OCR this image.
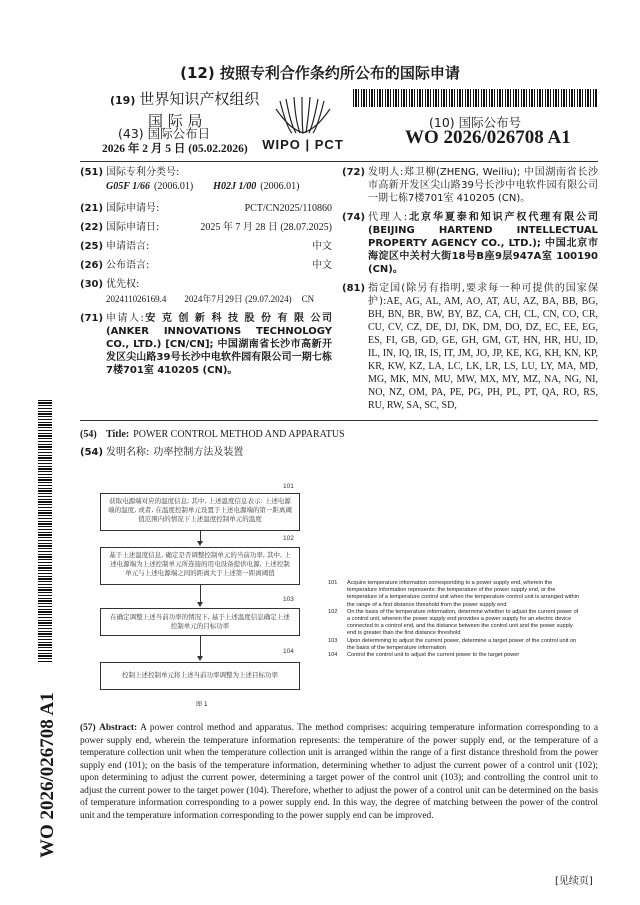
(12) 按照专利合作条约所公布的国际申请
(19) 世界知识产权组织
国 际 局
WIPO | PCT
(43) 国际公布日
2026 年 2 月 5 日 (05.02.2026)
(10) 国际公布号
WO 2026/026708 A1
(51) 国际专利分类号:
G05F 1/66 (2006.01) H02J 1/00 (2006.01)
(21) 国际申请号:	PCT/CN2025/110860
(22) 国际申请日:	2025 年 7 月 28 日 (28.07.2025)
(25) 申请语言:	中文
(26) 公布语言:	中文
(30) 优先权:
202411026169.4 2024年7月29日 (29.07.2024) CN
(71) 申请人:安 克 创 新 科 技 股 份 有 限 公司(ANKER INNOVATIONS TECHNOLOGY CO., LTD.) [CN/CN]; 中国湖南省长沙市高新开发区尖山路39号长沙中电软件园有限公司一期七栋7楼701室 410205 (CN)。
(72) 发明人:郑卫柳(ZHENG, Weiliu); 中国湖南省长沙市高新开发区尖山路39号长沙中电软件园有限公司一期七栋7楼701室 410205 (CN)。
(74) 代理人:北京华夏泰和知识产权代理有限公司(BEIJING HARTEND INTELLECTUAL PROPERTY AGENCY CO., LTD.); 中国北京市海淀区中关村大街18号B座9层947A室 100190 (CN)。
(81) 指定国(除另有指明,要求每一种可提供的国家保护):AE, AG, AL, AM, AO, AT, AU, AZ, BA, BB, BG, BH, BN, BR, BW, BY, BZ, CA, CH, CL, CN, CO, CR, CU, CV, CZ, DE, DJ, DK, DM, DO, DZ, EC, EE, EG, ES, FI, GB, GD, GE, GH, GM, GT, HN, HR, HU, ID, IL, IN, IQ, IR, IS, IT, JM, JO, JP, KE, KG, KH, KN, KP, KR, KW, KZ, LA, LC, LK, LR, LS, LU, LY, MA, MD, MG, MK, MN, MU, MW, MX, MY, MZ, NA, NG, NI, NO, NZ, OM, PA, PE, PG, PH, PL, PT, QA, RO, RS, RU, RW, SA, SC, SD,
(54) Title: POWER CONTROL METHOD AND APPARATUS
(54) 发明名称: 功率控制方法及装置
101
获取电源端对应的温度信息; 其中, 上述温度信息表示: 上述电源端的温度, 或者, 在温度控制单元设置于上述电源端的第一距离阈值范围内的情况下上述温度控制单元的温度
102
基于上述温度信息, 确定是否调整控制单元的当前功率, 其中, 上述电源端为上述控制单元所连接的用电设备提供电源, 上述控制单元与上述电源端之间的距离大于上述第一距离阈值
103
在确定调整上述当前功率的情况下, 基于上述温度信息确定上述控制单元的目标功率
104
控制上述控制单元将上述当前功率调整为上述目标功率
图 1
101	Acquire temperature information corresponding to a power supply end, wherein the temperature information represents: the temperature of the power supply end, or the temperature of a temperature control unit when the temperature control unit is arranged within the range of a first distance threshold from the power supply end
102	On the basis of the temperature information, determine whether to adjust the current power of a control unit, wherein the power supply end provides a power supply for an electric device connected to a control end, and the distance between the control unit and the power supply end is greater than the first distance threshold
103	Upon determining to adjust the current power, determine a target power of the control unit on the basis of the temperature information
104	Control the control unit to adjust the current power to the target power
(57) Abstract: A power control method and apparatus. The method comprises: acquiring temperature information corresponding to a power supply end, wherein the temperature information represents: the temperature of the power supply end, or the temperature of a temperature collection unit when the temperature collection unit is arranged within the range of a first distance threshold from the power supply end (101); on the basis of the temperature information, determining whether to adjust the current power of a control unit (102); upon determining to adjust the current power, determining a target power of the control unit (103); and controlling the control unit to adjust the current power to the target power (104). Therefore, whether to adjust the power of a control unit can be determined on the basis of temperature information corresponding to a power supply end. In this way, the degree of matching between the power of the control unit and the temperature information corresponding to the power supply end can be improved.
WO 2026/026708 A1
[见续页]
